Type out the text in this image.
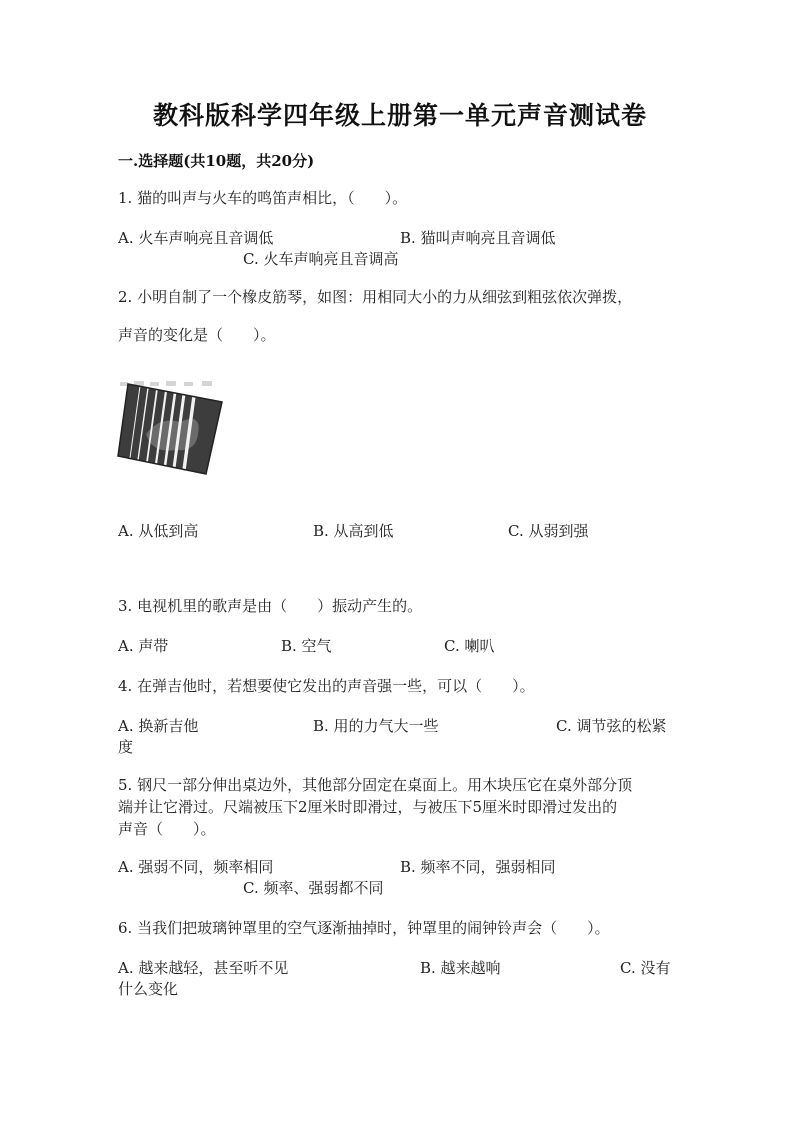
教科版科学四年级上册第一单元声音测试卷
一.选择题(共10题，共20分)
1. 猫的叫声与火车的鸣笛声相比，（　　）。
A. 火车声响亮且音调低	B. 猫叫声响亮且音调低
C. 火车声响亮且音调高
2. 小明自制了一个橡皮筋琴，如图：用相同大小的力从细弦到粗弦依次弹拨，
声音的变化是（　　）。
A. 从低到高	B. 从高到低	C. 从弱到强
3. 电视机里的歌声是由（　　）振动产生的。
A. 声带	B. 空气	C. 喇叭
4. 在弹吉他时，若想要使它发出的声音强一些，可以（　　）。
A. 换新吉他	B. 用的力气大一些	C. 调节弦的松紧
度
5. 钢尺一部分伸出桌边外，其他部分固定在桌面上。用木块压它在桌外部分顶
端并让它滑过。尺端被压下2厘米时即滑过，与被压下5厘米时即滑过发出的
声音（　　）。
A. 强弱不同，频率相同	B. 频率不同，强弱相同
C. 频率、强弱都不同
6. 当我们把玻璃钟罩里的空气逐渐抽掉时，钟罩里的闹钟铃声会（　　）。
A. 越来越轻，甚至听不见	B. 越来越响	C. 没有
什么变化
